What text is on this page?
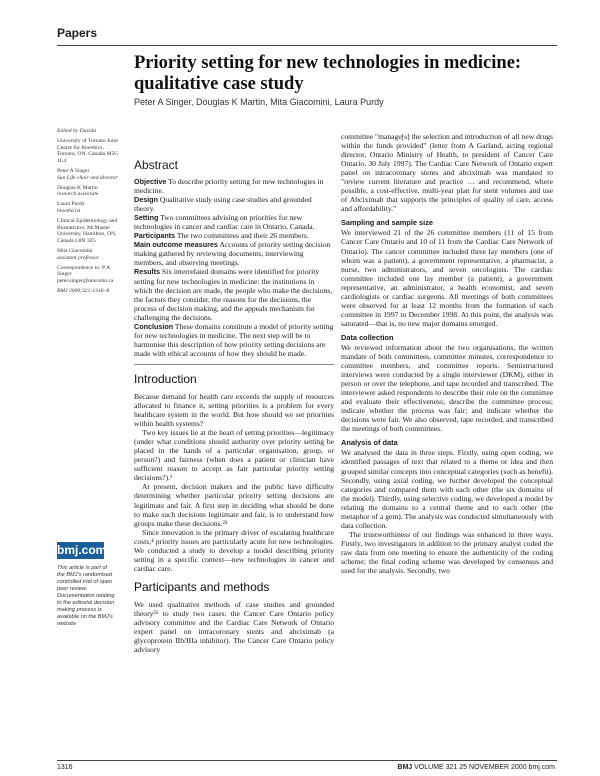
Papers
Priority setting for new technologies in medicine: qualitative case study

Peter A Singer, Douglas K Martin, Mita Giacomini, Laura Purdy

Edited by Davida

University of Toronto Joint Centre for Bioethics, Toronto, ON, Canada M5G 1L4

Peter A Singer
Sun Life chair and director

Douglas K Martin
research associate

Laura Purdy
bioethicist

Clinical Epidemiology and Biostatistics, McMaster University, Hamilton, ON, Canada L8N 3Z5

Mita Giacomini
assistant professor

Correspondence to: P A Singer peter.singer@utoronto.ca

BMJ 2000;321:1316–8

bmj.com
This article is part of the BMJ's randomised controlled trial of open peer review. Documentation relating to the editorial decision making process is available on the BMJ's website
Abstract

Objective To describe priority setting for new technologies in medicine.

Design Qualitative study using case studies and grounded theory.

Setting Two committees advising on priorities for new technologies in cancer and cardiac care in Ontario, Canada.

Participants The two committees and their 26 members.

Main outcome measures Accounts of priority setting decision making gathered by reviewing documents, interviewing members, and observing meetings.

Results Six interrelated domains were identified for priority setting for new technologies in medicine: the institutions in which the decision are made, the people who make the decisions, the factors they consider, the reasons for the decisions, the process of decision making, and the appeals mechanism for challenging the decisions.

Conclusion These domains constitute a model of priority setting for new technologies in medicine. The next step will be to harmonise this description of how priority setting decisions are made with ethical accounts of how they should be made.

Introduction

Because demand for health care exceeds the supply of resources allocated to finance it, setting priorities is a problem for every healthcare system in the world. But how should we set priorities within health systems?

Two key issues lie at the heart of setting priorities—legitimacy (under what conditions should authority over priority setting be placed in the hands of a particular organisation, group, or person?) and fairness (when does a patient or clinician have sufficient reason to accept as fair particular priority setting decisions?).¹

At present, decision makers and the public have difficulty determining whether particular priority setting decisions are legitimate and fair. A first step in deciding what should be done to make such decisions legitimate and fair, is to understand how groups make these decisions.²³

Since innovation is the primary driver of escalating healthcare costs,⁴ priority issues are particularly acute for new technologies. We conducted a study to develop a model describing priority setting in a specific context—new technologies in cancer and cardiac care.

Participants and methods

We used qualitative methods of case studies and grounded theory⁵⁶ to study two cases: the Cancer Care Ontario policy advisory committee and the Cardiac Care Network of Ontario expert panel on intracoronary stents and abciximab (a glycoprotein IIb/IIIa inhibitor). The Cancer Care Ontario policy advisory

committee "manage[s] the selection and introduction of all new drugs within the funds provided" (letter from A Garland, acting regional director, Ontario Ministry of Health, to president of Cancer Care Ontario, 30 July 1997). The Cardiac Care Network of Ontario expert panel on intracoronary stents and abciximab was mandated to "review current literature and practice … and recommend, where possible, a cost-effective, multi-year plan for stent volumes and use of Abciximab that supports the principles of quality of care, access and affordability."

Sampling and sample size

We interviewed 21 of the 26 committee members (11 of 15 from Cancer Care Ontario and 10 of 11 from the Cardiac Care Network of Ontario). The cancer committee included three lay members (one of whom was a patient), a government representative, a pharmacist, a nurse, two administrators, and seven oncologists. The cardiac committee included one lay member (a patient), a government representative, an administrator, a health economist, and seven cardiologists or cardiac surgeons. All meetings of both committees were observed for at least 12 months from the formation of each committee in 1997 to December 1998. At this point, the analysis was saturated—that is, no new major domains emerged.

Data collection

We reviewed information about the two organisations, the written mandate of both committees, committee minutes, correspondence to committee members, and committee reports. Semistructured interviews were conducted by a single interviewer (DKM), either in person or over the telephone, and tape recorded and transcribed. The interviewer asked respondents to describe their role on the committee and evaluate their effectiveness; describe the committee process; indicate whether the process was fair; and indicate whether the decisions were fair. We also observed, tape recorded, and transcribed the meetings of both committees.

Analysis of data

We analysed the data in three steps. Firstly, using open coding, we identified passages of text that related to a theme or idea and then grouped similar concepts into conceptual categories (such as benefit). Secondly, using axial coding, we further developed the conceptual categories and compared them with each other (the six domains of the model). Thirdly, using selective coding, we developed a model by relating the domains to a central theme and to each other (the metaphor of a gem). The analysis was conducted simultaneously with data collection.

The trustworthiness of our findings was enhanced in three ways. Firstly, two investigators in addition to the primary analyst coded the raw data from one meeting to ensure the authenticity of the coding scheme; the final coding scheme was developed by consensus and used for the analysis. Secondly, two

1316	BMJ VOLUME 321 25 NOVEMBER 2000 bmj.com
